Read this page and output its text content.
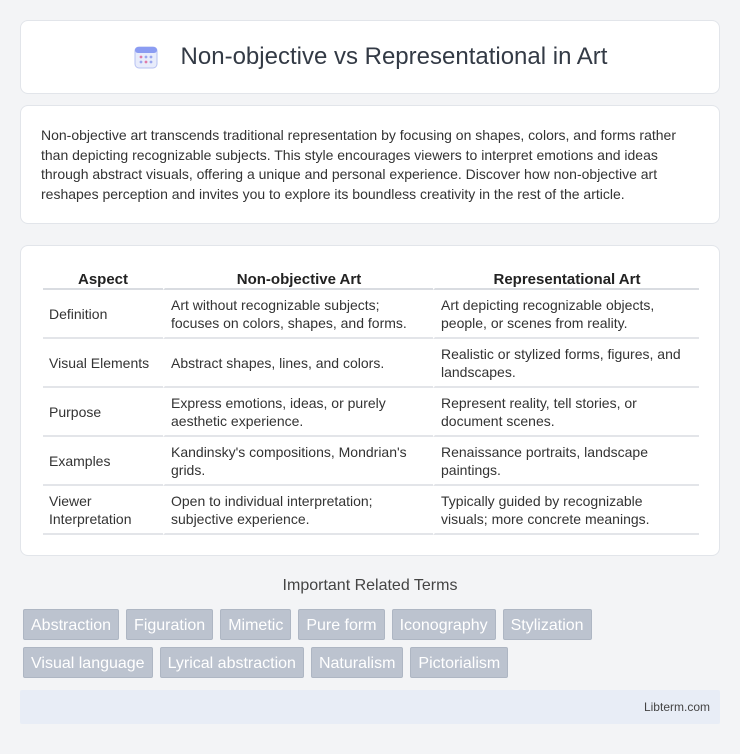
Non-objective vs Representational in Art

Non-objective art transcends traditional representation by focusing on shapes, colors, and forms rather than depicting recognizable subjects. This style encourages viewers to interpret emotions and ideas through abstract visuals, offering a unique and personal experience. Discover how non-objective art reshapes perception and invites you to explore its boundless creativity in the rest of the article.

Aspect	Non-objective Art	Representational Art
Definition	Art without recognizable subjects; focuses on colors, shapes, and forms.	Art depicting recognizable objects, people, or scenes from reality.
Visual Elements	Abstract shapes, lines, and colors.	Realistic or stylized forms, figures, and landscapes.
Purpose	Express emotions, ideas, or purely aesthetic experience.	Represent reality, tell stories, or document scenes.
Examples	Kandinsky's compositions, Mondrian's grids.	Renaissance portraits, landscape paintings.
Viewer Interpretation	Open to individual interpretation; subjective experience.	Typically guided by recognizable visuals; more concrete meanings.
Important Related Terms
Abstraction	Figuration	Mimetic	Pure form	Iconography	Stylization
Visual language	Lyrical abstraction	Naturalism	Pictorialism
Libterm.com
